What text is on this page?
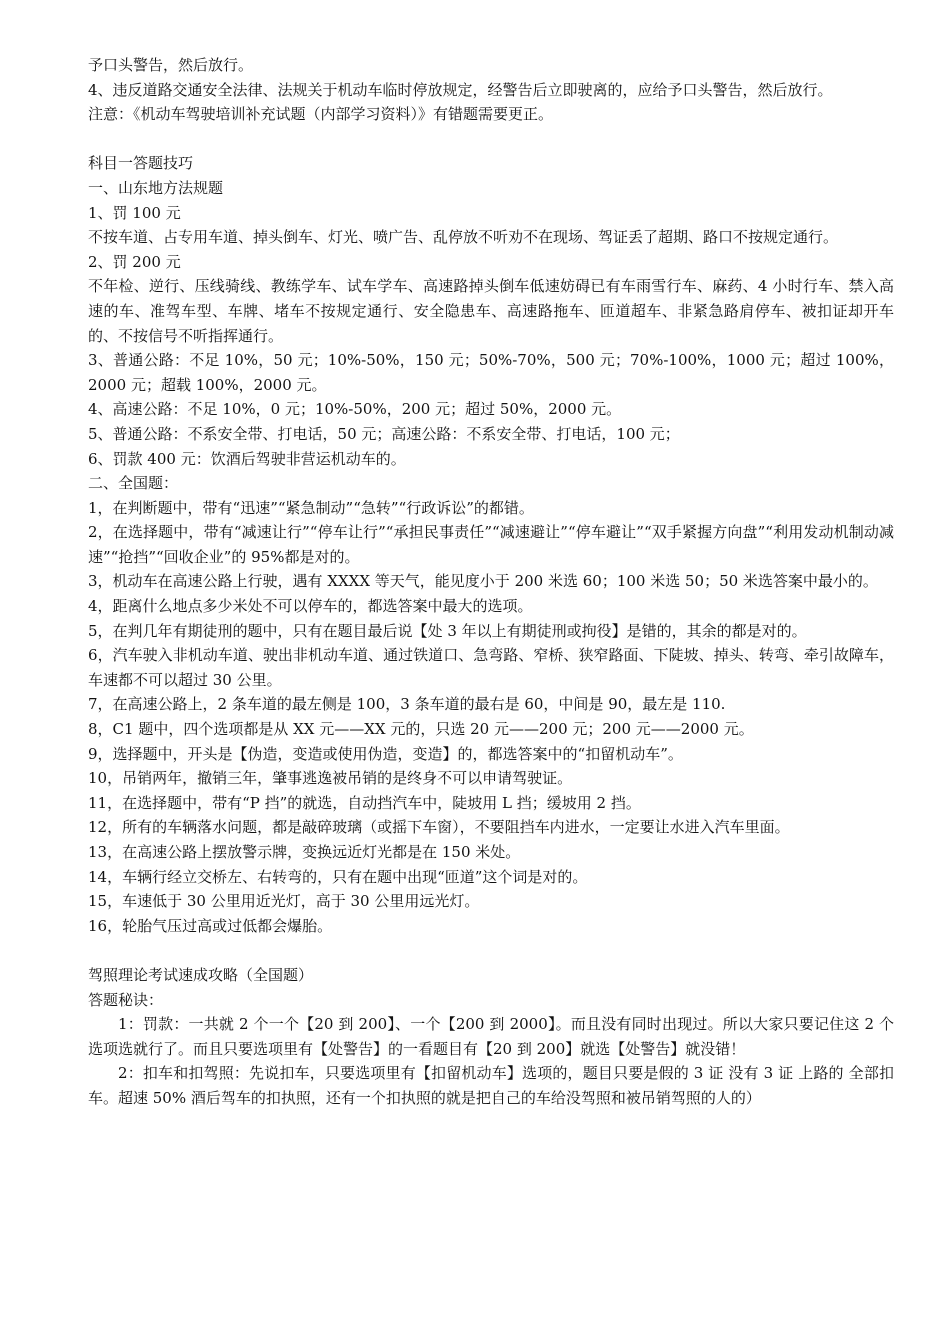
予口头警告，然后放行。

4、违反道路交通安全法律、法规关于机动车临时停放规定，经警告后立即驶离的，应给予口头警告，然后放行。

注意：《机动车驾驶培训补充试题（内部学习资料）》有错题需要更正。

科目一答题技巧

一、山东地方法规题

1、罚 100 元

不按车道、占专用车道、掉头倒车、灯光、喷广告、乱停放不听劝不在现场、驾证丢了超期、路口不按规定通行。

2、罚 200 元

不年检、逆行、压线骑线、教练学车、试车学车、高速路掉头倒车低速妨碍已有车雨雪行车、麻药、4 小时行车、禁入高速的车、准驾车型、车牌、堵车不按规定通行、安全隐患车、高速路拖车、匝道超车、非紧急路肩停车、被扣证却开车的、不按信号不听指挥通行。

3、普通公路：不足 10%，50 元；10%-50%，150 元；50%-70%，500 元；70%-100%，1000 元；超过 100%，2000 元；超载 100%，2000 元。

4、高速公路：不足 10%，0 元；10%-50%，200 元；超过 50%，2000 元。

5、普通公路：不系安全带、打电话，50 元；高速公路：不系安全带、打电话，100 元；

6、罚款 400 元：饮酒后驾驶非营运机动车的。

二、全国题：

1，在判断题中，带有“迅速”“紧急制动”“急转”“行政诉讼”的都错。

2，在选择题中，带有“减速让行”“停车让行”“承担民事责任”“减速避让”“停车避让”“双手紧握方向盘”“利用发动机制动减速”“抢挡”“回收企业”的 95%都是对的。

3，机动车在高速公路上行驶，遇有 XXXX 等天气，能见度小于 200 米选 60；100 米选 50；50 米选答案中最小的。

4，距离什么地点多少米处不可以停车的，都选答案中最大的选项。

5，在判几年有期徒刑的题中，只有在题目最后说【处 3 年以上有期徒刑或拘役】是错的，其余的都是对的。

6，汽车驶入非机动车道、驶出非机动车道、通过铁道口、急弯路、窄桥、狭窄路面、下陡坡、掉头、转弯、牵引故障车，车速都不可以超过 30 公里。

7，在高速公路上，2 条车道的最左侧是 100，3 条车道的最右是 60，中间是 90，最左是 110.

8，C1 题中，四个选项都是从 XX 元——XX 元的，只选 20 元——200 元；200 元——2000 元。

9，选择题中，开头是【伪造，变造或使用伪造，变造】的，都选答案中的“扣留机动车”。

10，吊销两年，撤销三年，肇事逃逸被吊销的是终身不可以申请驾驶证。

11，在选择题中，带有“P 挡”的就选，自动挡汽车中，陡坡用 L 挡；缓坡用 2 挡。

12，所有的车辆落水问题，都是敲碎玻璃（或摇下车窗），不要阻挡车内进水，一定要让水进入汽车里面。

13，在高速公路上摆放警示牌，变换远近灯光都是在 150 米处。

14，车辆行经立交桥左、右转弯的，只有在题中出现“匝道”这个词是对的。

15，车速低于 30 公里用近光灯，高于 30 公里用远光灯。

16，轮胎气压过高或过低都会爆胎。

驾照理论考试速成攻略（全国题）

答题秘诀：

1：罚款：一共就 2 个一个【20 到 200】、一个【200 到 2000】。而且没有同时出现过。所以大家只要记住这 2 个选项选就行了。而且只要选项里有【处警告】的一看题目有【20 到 200】就选【处警告】就没错！

2：扣车和扣驾照：先说扣车，只要选项里有【扣留机动车】选项的，题目只要是假的 3 证 没有 3 证 上路的 全部扣车。超速 50% 酒后驾车的扣执照，还有一个扣执照的就是把自己的车给没驾照和被吊销驾照的人的）
